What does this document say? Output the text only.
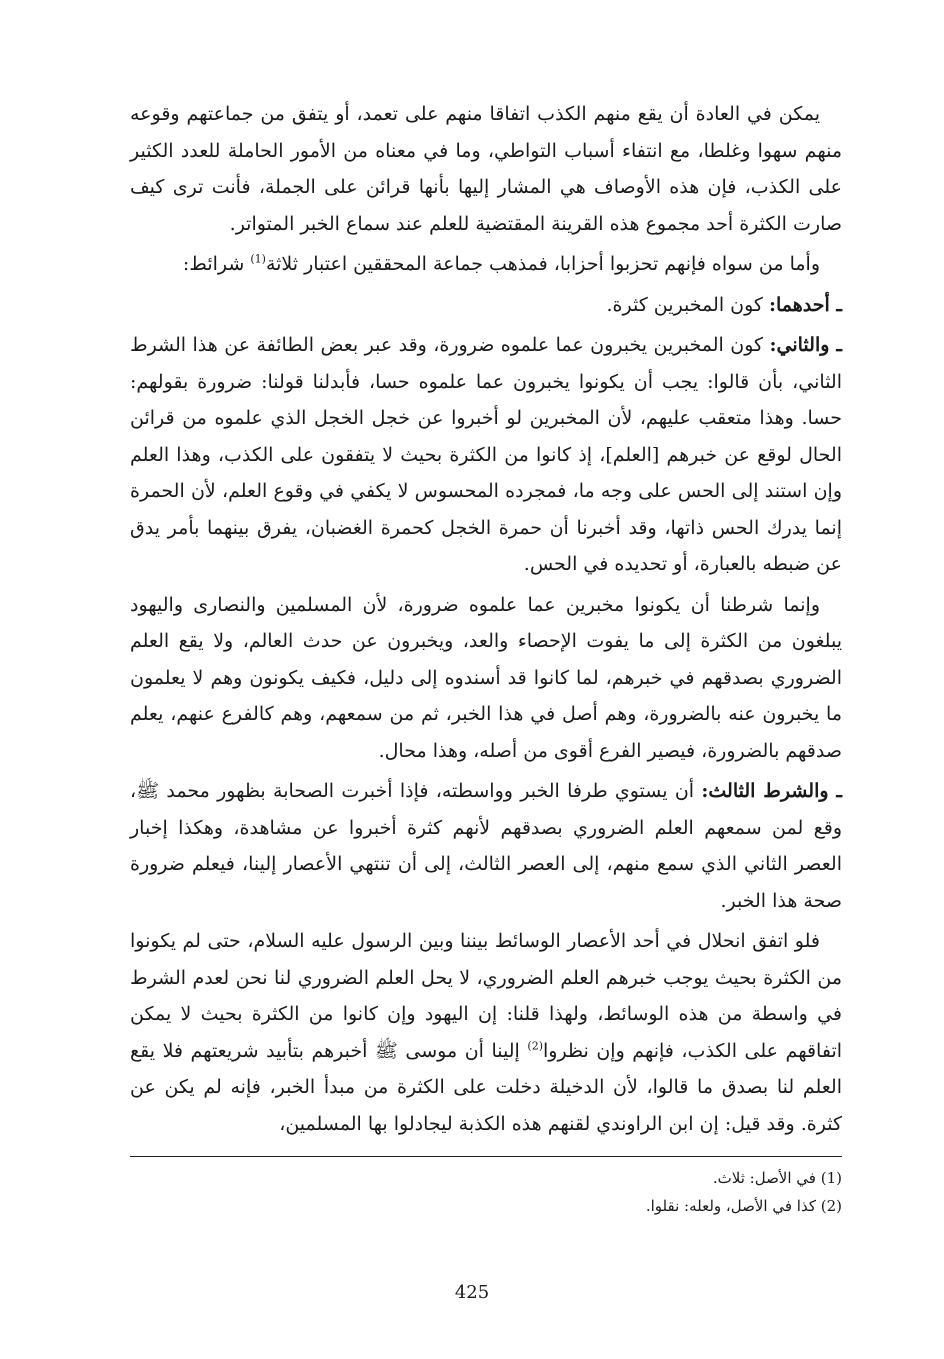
يمكن في العادة أن يقع منهم الكذب اتفاقا منهم على تعمد، أو يتفق من جماعتهم وقوعه منهم سهوا وغلطا، مع انتفاء أسباب التواطي، وما في معناه من الأمور الحاملة للعدد الكثير على الكذب، فإن هذه الأوصاف هي المشار إليها بأنها قرائن على الجملة، فأنت ترى كيف صارت الكثرة أحد مجموع هذه القرينة المقتضية للعلم عند سماع الخبر المتواتر.

وأما من سواه فإنهم تحزبوا أحزابا، فمذهب جماعة المحققين اعتبار ثلاثة$^{(1)}$ شرائط:

ـ أحدهما: كون المخبرين كثرة.

ـ والثاني: كون المخبرين يخبرون عما علموه ضرورة، وقد عبر بعض الطائفة عن هذا الشرط الثاني، بأن قالوا: يجب أن يكونوا يخبرون عما علموه حسا، فأبدلنا قولنا: ضرورة بقولهم: حسا. وهذا متعقب عليهم، لأن المخبرين لو أخبروا عن خجل الخجل الذي علموه من قرائن الحال لوقع عن خبرهم [العلم]، إذ كانوا من الكثرة بحيث لا يتفقون على الكذب، وهذا العلم وإن استند إلى الحس على وجه ما، فمجرده المحسوس لا يكفي في وقوع العلم، لأن الحمرة إنما يدرك الحس ذاتها، وقد أخبرنا أن حمرة الخجل كحمرة الغضبان، يفرق بينهما بأمر يدق عن ضبطه بالعبارة، أو تحديده في الحس.

وإنما شرطنا أن يكونوا مخبرين عما علموه ضرورة، لأن المسلمين والنصارى واليهود يبلغون من الكثرة إلى ما يفوت الإحصاء والعد، ويخبرون عن حدث العالم، ولا يقع العلم الضروري بصدقهم في خبرهم، لما كانوا قد أسندوه إلى دليل، فكيف يكونون وهم لا يعلمون ما يخبرون عنه بالضرورة، وهم أصل في هذا الخبر، ثم من سمعهم، وهم كالفرع عنهم، يعلم صدقهم بالضرورة، فيصير الفرع أقوى من أصله، وهذا محال.

ـ والشرط الثالث: أن يستوي طرفا الخبر وواسطته، فإذا أخبرت الصحابة بظهور محمد ﷺ، وقع لمن سمعهم العلم الضروري بصدقهم لأنهم كثرة أخبروا عن مشاهدة، وهكذا إخبار العصر الثاني الذي سمع منهم، إلى العصر الثالث، إلى أن تنتهي الأعصار إلينا، فيعلم ضرورة صحة هذا الخبر.

فلو اتفق انحلال في أحد الأعصار الوسائط بيننا وبين الرسول عليه السلام، حتى لم يكونوا من الكثرة بحيث يوجب خبرهم العلم الضروري، لا يحل العلم الضروري لنا نحن لعدم الشرط في واسطة من هذه الوسائط، ولهذا قلنا: إن اليهود وإن كانوا من الكثرة بحيث لا يمكن اتفاقهم على الكذب، فإنهم وإن نظروا$^{(2)}$ إلينا أن موسى ﷺ أخبرهم بتأبيد شريعتهم فلا يقع العلم لنا بصدق ما قالوا، لأن الدخيلة دخلت على الكثرة من مبدأ الخبر، فإنه لم يكن عن كثرة. وقد قيل: إن ابن الراوندي لقنهم هذه الكذبة ليجادلوا بها المسلمين،

(1) في الأصل: ثلاث.
(2) كذا في الأصل، ولعله: نقلوا.
425
